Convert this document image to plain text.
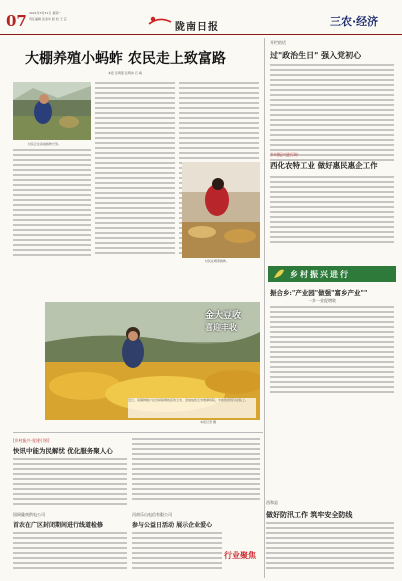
07 2021年3月31日 星期一
责任编辑 张金华 版 校 王 芸
陇南日报	三农·经济
大棚养殖小蚂蚱 农民走上致富路
本报 张明照 张明伟 石 梅
村民正在查看蚂蚱长势。
村民在喂养蚂蚱。
金大豆收
喜迎丰收
近日，某镇种植户在田间晾晒收获的玉米，金灿灿的玉米堆满场院，丰收的喜悦写在脸上。
本报记者 摄
开栏的话
过"政治生日" 强入党初心
乡村振兴进行时
西化农特工业 做好惠民惠企工作
乡村振兴进行
振合乡:"产业园"做强"富乡产业""
一乡一业促增收
[乡村振兴·党建引领]
快讯中能为民解忧 优化服务聚人心
国网陇南供电公司
首农在广区封闭期间进行线道检修
河南乐山电信有限公司
参与公益日活动 展示企业爱心
行业聚焦
西和县
做好防汛工作 筑牢安全防线
